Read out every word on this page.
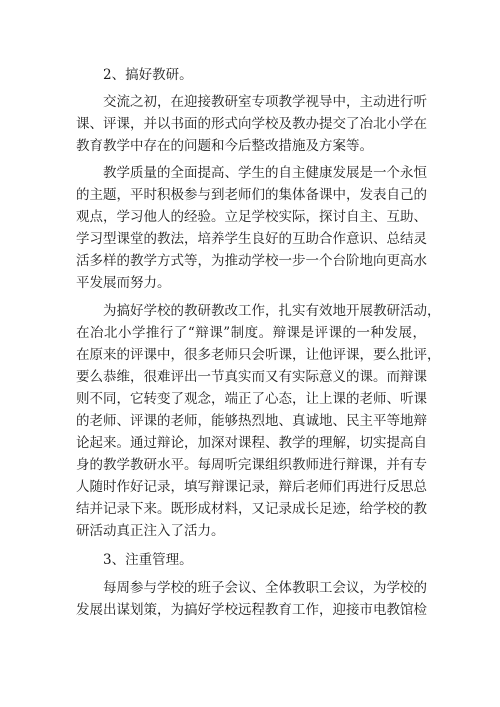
2、搞好教研。
交流之初，在迎接教研室专项教学视导中，主动进行听
课、评课，并以书面的形式向学校及教办提交了冶北小学在
教育教学中存在的问题和今后整改措施及方案等。
教学质量的全面提高、学生的自主健康发展是一个永恒
的主题，平时积极参与到老师们的集体备课中，发表自己的
观点，学习他人的经验。立足学校实际，探讨自主、互助、
学习型课堂的教法，培养学生良好的互助合作意识、总结灵
活多样的教学方式等，为推动学校一步一个台阶地向更高水
平发展而努力。
为搞好学校的教研教改工作，扎实有效地开展教研活动，
在冶北小学推行了“辩课”制度。辩课是评课的一种发展，
在原来的评课中，很多老师只会听课，让他评课，要么批评，
要么恭维，很难评出一节真实而又有实际意义的课。而辩课
则不同，它转变了观念，端正了心态，让上课的老师、听课
的老师、评课的老师，能够热烈地、真诚地、民主平等地辩
论起来。通过辩论，加深对课程、教学的理解，切实提高自
身的教学教研水平。每周听完课组织教师进行辩课，并有专
人随时作好记录，填写辩课记录，辩后老师们再进行反思总
结并记录下来。既形成材料，又记录成长足迹，给学校的教
研活动真正注入了活力。
3、注重管理。
每周参与学校的班子会议、全体教职工会议，为学校的
发展出谋划策，为搞好学校远程教育工作，迎接市电教馆检
